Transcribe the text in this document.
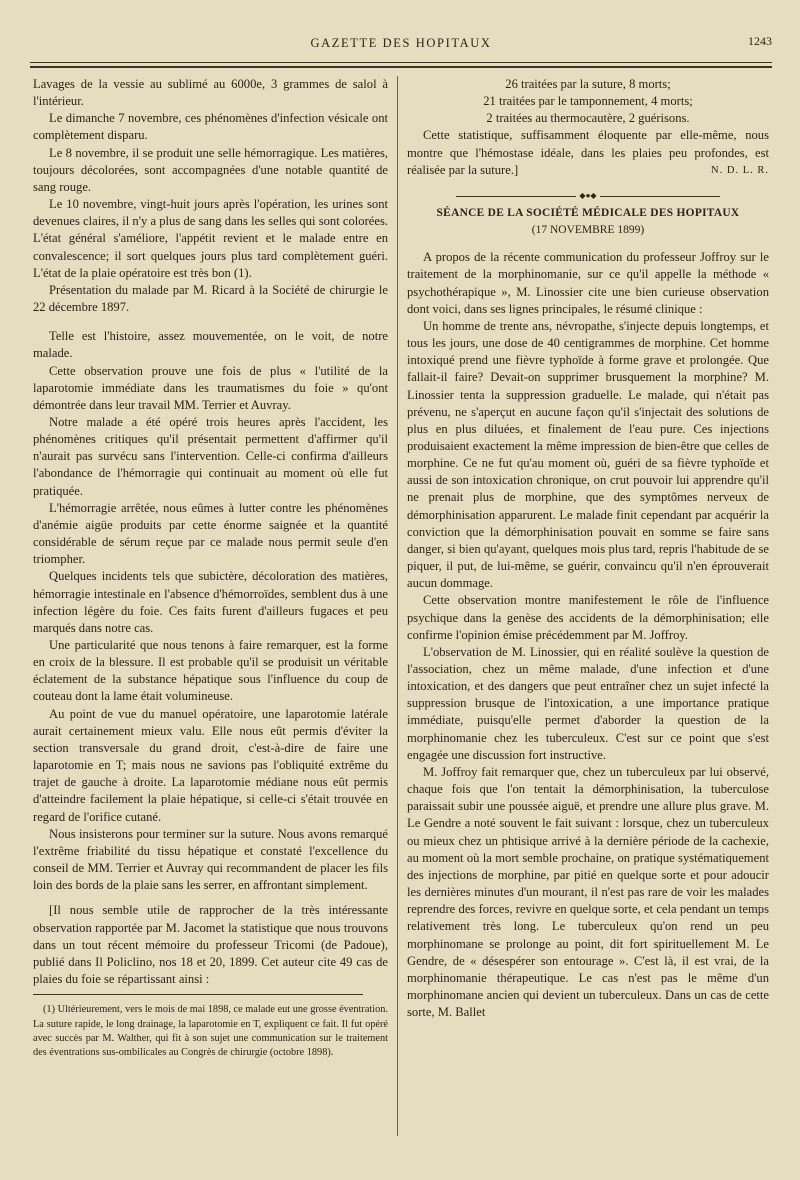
GAZETTE DES HOPITAUX	1243

Lavages de la vessie au sublimé au 6000e, 3 grammes de salol à l'intérieur.

Le dimanche 7 novembre, ces phénomènes d'infection vésicale ont complètement disparu.

Le 8 novembre, il se produit une selle hémorragique. Les matières, toujours décolorées, sont accompagnées d'une notable quantité de sang rouge.

Le 10 novembre, vingt-huit jours après l'opération, les urines sont devenues claires, il n'y a plus de sang dans les selles qui sont colorées. L'état général s'améliore, l'appétit revient et le malade entre en convalescence; il sort quelques jours plus tard complètement guéri. L'état de la plaie opératoire est très bon (1).

Présentation du malade par M. Ricard à la Société de chirurgie le 22 décembre 1897.

Telle est l'histoire, assez mouvementée, on le voit, de notre malade.

Cette observation prouve une fois de plus « l'utilité de la laparotomie immédiate dans les traumatismes du foie » qu'ont démontrée dans leur travail MM. Terrier et Auvray.

Notre malade a été opéré trois heures après l'accident, les phénomènes critiques qu'il présentait permettent d'affirmer qu'il n'aurait pas survécu sans l'intervention. Celle-ci confirma d'ailleurs l'abondance de l'hémorragie qui continuait au moment où elle fut pratiquée.

L'hémorragie arrêtée, nous eûmes à lutter contre les phénomènes d'anémie aigüe produits par cette énorme saignée et la quantité considérable de sérum reçue par ce malade nous permit seule d'en triompher.

Quelques incidents tels que subictère, décoloration des matières, hémorragie intestinale en l'absence d'hémorroïdes, semblent dus à une infection légère du foie. Ces faits furent d'ailleurs fugaces et peu marqués dans notre cas.

Une particularité que nous tenons à faire remarquer, est la forme en croix de la blessure. Il est probable qu'il se produisit un véritable éclatement de la substance hépatique sous l'influence du coup de couteau dont la lame était volumineuse.

Au point de vue du manuel opératoire, une laparotomie latérale aurait certainement mieux valu. Elle nous eût permis d'éviter la section transversale du grand droit, c'est-à-dire de faire une laparotomie en T; mais nous ne savions pas l'obliquité extrême du trajet de gauche à droite. La laparotomie médiane nous eût permis d'atteindre facilement la plaie hépatique, si celle-ci s'était trouvée en regard de l'orifice cutané.

Nous insisterons pour terminer sur la suture. Nous avons remarqué l'extrême friabilité du tissu hépatique et constaté l'excellence du conseil de MM. Terrier et Auvray qui recommandent de placer les fils loin des bords de la plaie sans les serrer, en affrontant simplement.

[Il nous semble utile de rapprocher de la très intéressante observation rapportée par M. Jacomet la statistique que nous trouvons dans un tout récent mémoire du professeur Tricomi (de Padoue), publié dans Il Policlino, nos 18 et 20, 1899. Cet auteur cite 49 cas de plaies du foie se répartissant ainsi :

(1) Ultérieurement, vers le mois de mai 1898, ce malade eut une grosse éventration. La suture rapide, le long drainage, la laparotomie en T, expliquent ce fait. Il fut opéré avec succès par M. Walther, qui fit à son sujet une communication sur le traitement des éventrations sus-ombilicales au Congrès de chirurgie (octobre 1898).

26 traitées par la suture, 8 morts;

21 traitées par le tamponnement, 4 morts;

2 traitées au thermocautère, 2 guérisons.

Cette statistique, suffisamment éloquente par elle-même, nous montre que l'hémostase idéale, dans les plaies peu profondes, est réalisée par la suture.]	N. D. L. R.

◆●◆
SÉANCE DE LA SOCIÉTÉ MÉDICALE DES HOPITAUX
(17 NOVEMBRE 1899)

A propos de la récente communication du professeur Joffroy sur le traitement de la morphinomanie, sur ce qu'il appelle la méthode « psychothérapique », M. Linossier cite une bien curieuse observation dont voici, dans ses lignes principales, le résumé clinique :

Un homme de trente ans, névropathe, s'injecte depuis longtemps, et tous les jours, une dose de 40 centigrammes de morphine. Cet homme intoxiqué prend une fièvre typhoïde à forme grave et prolongée. Que fallait-il faire? Devait-on supprimer brusquement la morphine? M. Linossier tenta la suppression graduelle. Le malade, qui n'était pas prévenu, ne s'aperçut en aucune façon qu'il s'injectait des solutions de plus en plus diluées, et finalement de l'eau pure. Ces injections produisaient exactement la même impression de bien-être que celles de morphine. Ce ne fut qu'au moment où, guéri de sa fièvre typhoïde et aussi de son intoxication chronique, on crut pouvoir lui apprendre qu'il ne prenait plus de morphine, que des symptômes nerveux de démorphinisation apparurent. Le malade finit cependant par acquérir la conviction que la démorphinisation pouvait en somme se faire sans danger, si bien qu'ayant, quelques mois plus tard, repris l'habitude de se piquer, il put, de lui-même, se guérir, convaincu qu'il n'en éprouverait aucun dommage.

Cette observation montre manifestement le rôle de l'influence psychique dans la genèse des accidents de la démorphinisation; elle confirme l'opinion émise précédemment par M. Joffroy.

L'observation de M. Linossier, qui en réalité soulève la question de l'association, chez un même malade, d'une infection et d'une intoxication, et des dangers que peut entraîner chez un sujet infecté la suppression brusque de l'intoxication, a une importance pratique immédiate, puisqu'elle permet d'aborder la question de la morphinomanie chez les tuberculeux. C'est sur ce point que s'est engagée une discussion fort instructive.

M. Joffroy fait remarquer que, chez un tuberculeux par lui observé, chaque fois que l'on tentait la démorphinisation, la tuberculose paraissait subir une poussée aiguë, et prendre une allure plus grave. M. Le Gendre a noté souvent le fait suivant : lorsque, chez un tuberculeux ou mieux chez un phtisique arrivé à la dernière période de la cachexie, au moment où la mort semble prochaine, on pratique systématiquement des injections de morphine, par pitié en quelque sorte et pour adoucir les dernières minutes d'un mourant, il n'est pas rare de voir les malades reprendre des forces, revivre en quelque sorte, et cela pendant un temps relativement très long. Le tuberculeux qu'on rend un peu morphinomane se prolonge au point, dit fort spirituellement M. Le Gendre, de « désespérer son entourage ». C'est là, il est vrai, de la morphinomanie thérapeutique. Le cas n'est pas le même d'un morphinomane ancien qui devient un tuberculeux. Dans un cas de cette sorte, M. Ballet
